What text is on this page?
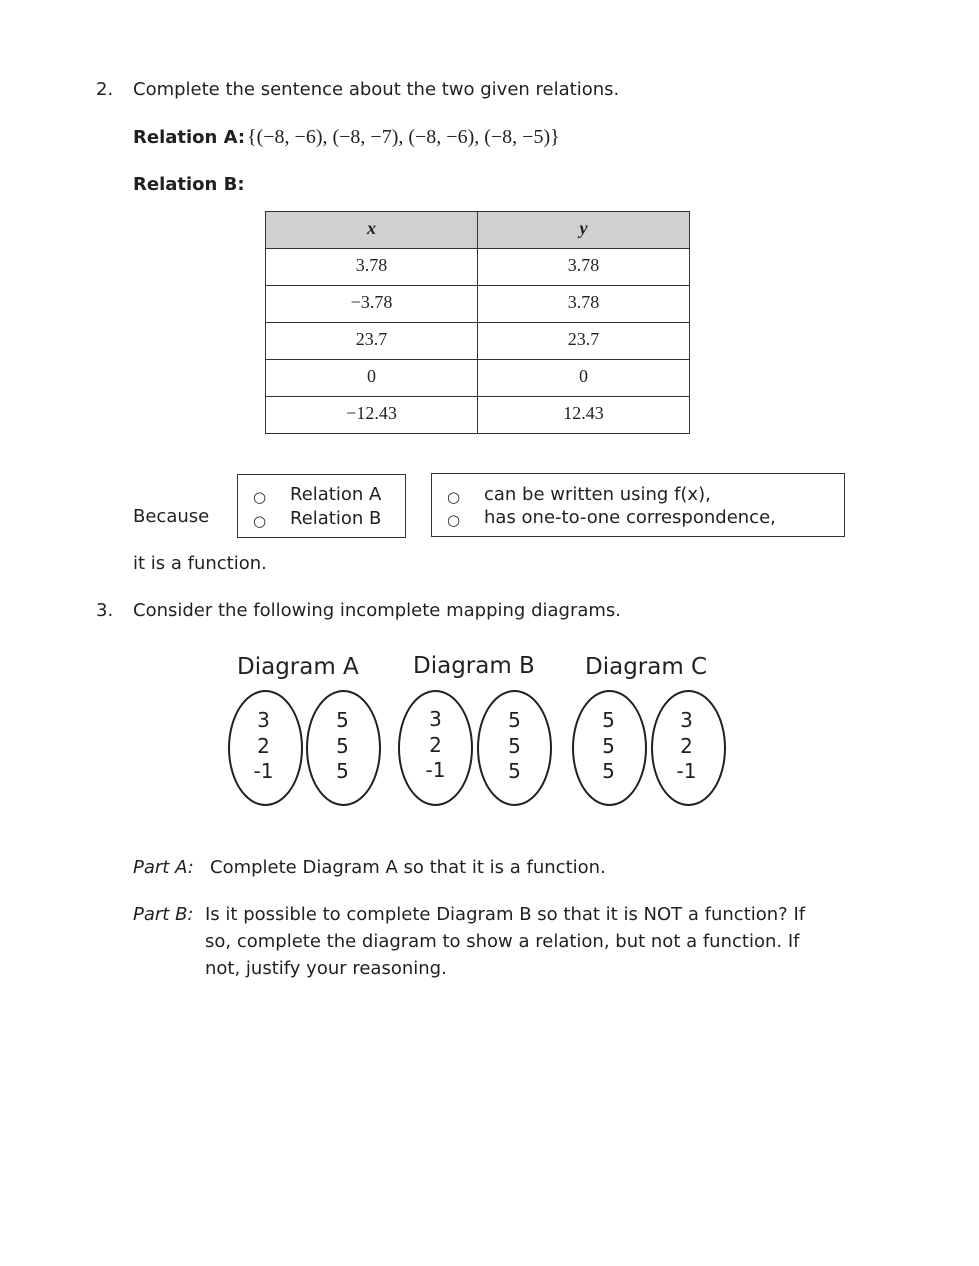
2. Complete the sentence about the two given relations.
Relation A: {(−8, −6), (−8, −7), (−8, −6), (−8, −5)}
Relation B:
x	y
3.78	3.78
−3.78	3.78
23.7	23.7
0	0
−12.43	12.43
Because
○ Relation A
○ Relation B
○ can be written using f(x),
○ has one-to-one correspondence,
it is a function.
3. Consider the following incomplete mapping diagrams.
Diagram A
3
2
-1
5
5
5
Diagram B
3
2
-1
5
5
5
Diagram C
5
5
5
3
2
-1
Part A: Complete Diagram A so that it is a function.
Part B: Is it possible to complete Diagram B so that it is NOT a function? If
so, complete the diagram to show a relation, but not a function. If
not, justify your reasoning.
